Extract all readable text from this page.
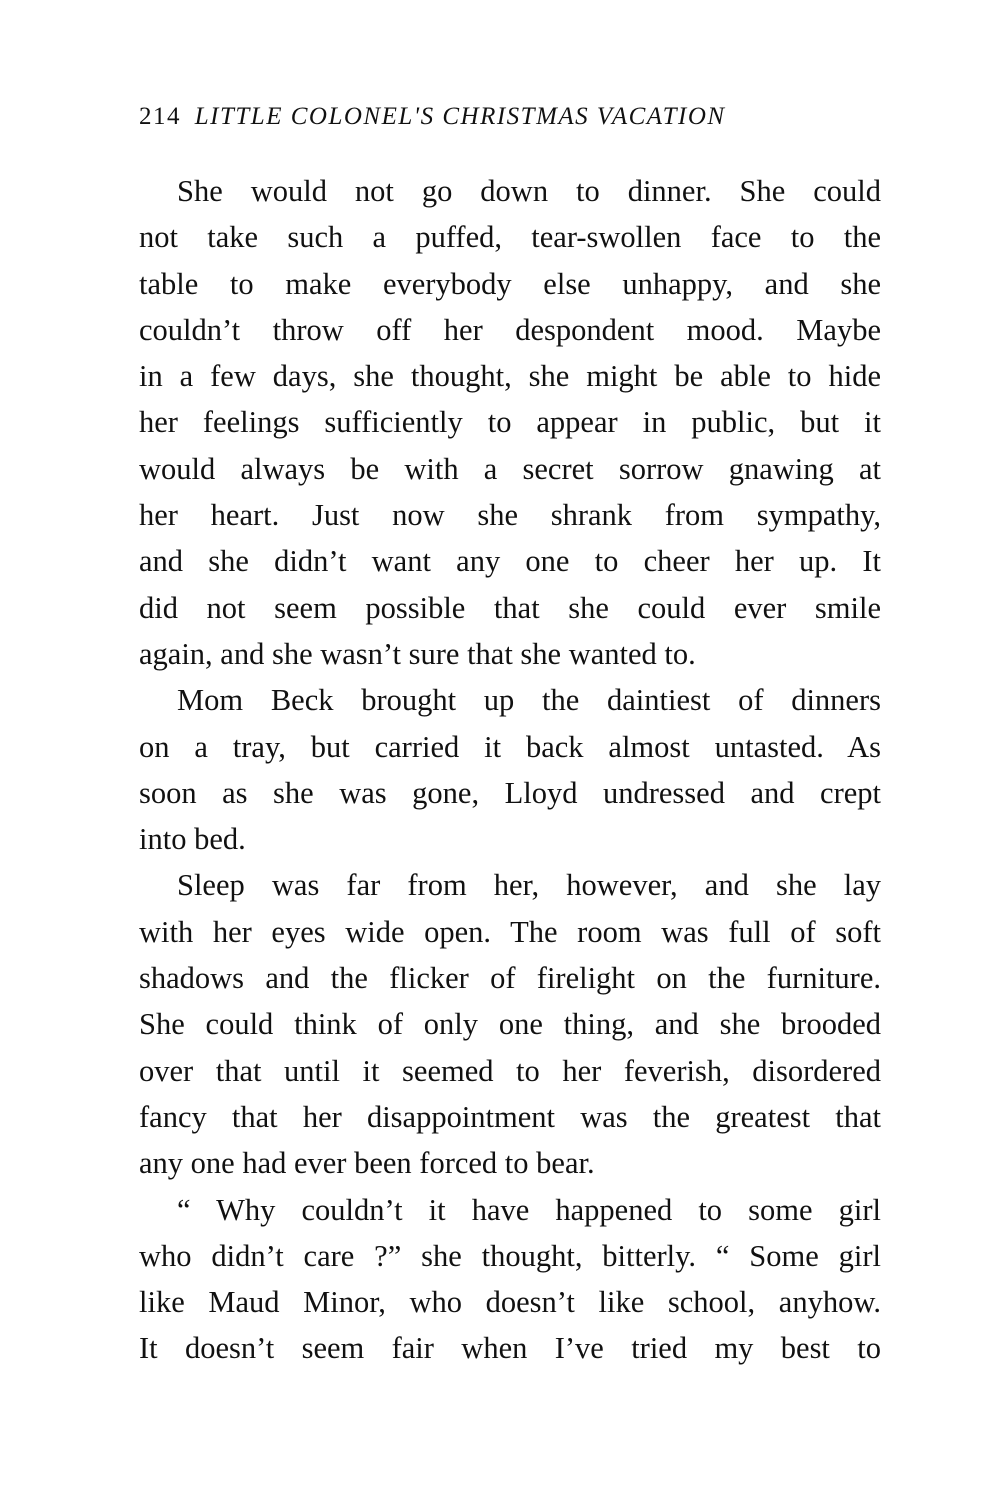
214 LITTLE COLONEL'S CHRISTMAS VACATION
She would not go down to dinner. She could
not take such a puffed, tear-swollen face to the
table to make everybody else unhappy, and she
couldn’t throw off her despondent mood. Maybe
in a few days, she thought, she might be able to hide
her feelings sufficiently to appear in public, but it
would always be with a secret sorrow gnawing at
her heart. Just now she shrank from sympathy,
and she didn’t want any one to cheer her up. It
did not seem possible that she could ever smile
again, and she wasn’t sure that she wanted to.
Mom Beck brought up the daintiest of dinners
on a tray, but carried it back almost untasted. As
soon as she was gone, Lloyd undressed and crept
into bed.
Sleep was far from her, however, and she lay
with her eyes wide open. The room was full of soft
shadows and the flicker of firelight on the furniture.
She could think of only one thing, and she brooded
over that until it seemed to her feverish, disordered
fancy that her disappointment was the greatest that
any one had ever been forced to bear.
“ Why couldn’t it have happened to some girl
who didn’t care ?” she thought, bitterly. “ Some girl
like Maud Minor, who doesn’t like school, anyhow.
It doesn’t seem fair when I’ve tried my best to
